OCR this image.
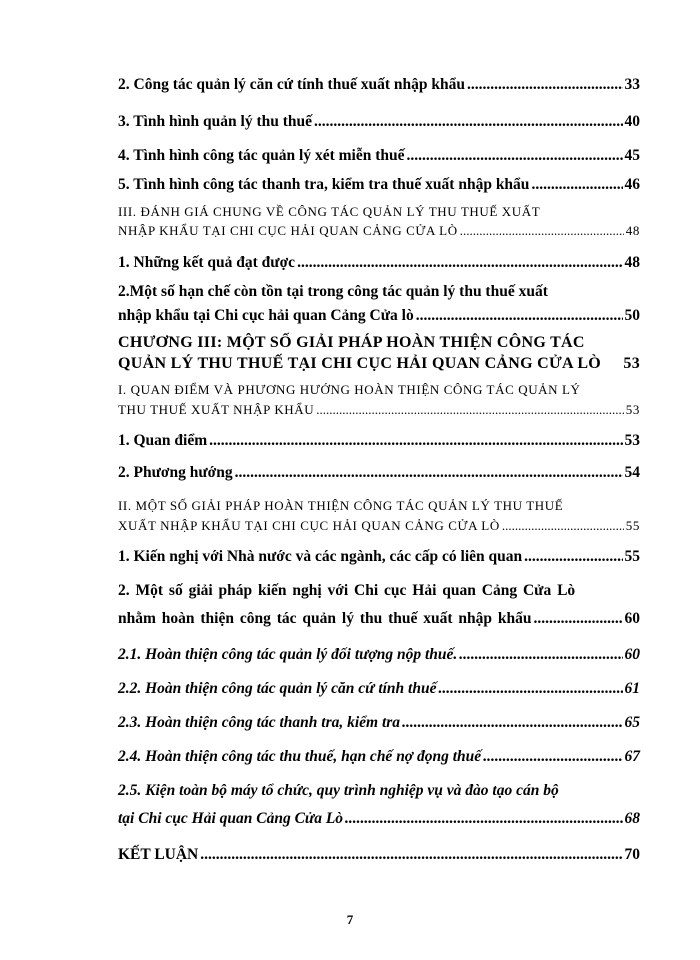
2. Công tác quản lý căn cứ tính thuế xuất nhập khẩu .....	33
3. Tình hình quản lý thu thuế .....	40
4. Tình hình công tác quản lý xét miễn thuế .....	45
5. Tình hình công tác thanh tra, kiểm tra thuế xuất nhập khẩu .....	46
III. ĐÁNH GIÁ CHUNG VỀ CÔNG TÁC QUẢN LÝ THU THUẾ XUẤT
NHẬP KHẨU TẠI CHI CỤC HẢI QUAN CẢNG CỬA LÒ .....	48
1. Những kết quả đạt được .....	48
2.Một số hạn chế còn tồn tại trong công tác quản lý thu thuế xuất
nhập khẩu tại Chi cục hải quan Cảng Cửa lò .....	50
CHƯƠNG III: MỘT SỐ GIẢI PHÁP HOÀN THIỆN CÔNG TÁC
QUẢN LÝ THU THUẾ TẠI CHI CỤC HẢI QUAN CẢNG CỬA LÒ 53
I. QUAN ĐIỂM VÀ PHƯƠNG HƯỚNG HOÀN THIỆN CÔNG TÁC QUẢN LÝ
THU THUẾ XUẤT NHẬP KHẨU .....	53
1. Quan điểm .....	53
2. Phương hướng .....	54
II. MỘT SỐ GIẢI PHÁP HOÀN THIỆN CÔNG TÁC QUẢN LÝ THU THUẾ
XUẤT NHẬP KHẨU TẠI CHI CỤC HẢI QUAN CẢNG CỬA LÒ .....	55
1. Kiến nghị với Nhà nước và các ngành, các cấp có liên quan .....	55
2. Một số giải pháp kiến nghị với Chi cục Hải quan Cảng Cửa Lò
nhằm hoàn thiện công tác quản lý thu thuế xuất nhập khẩu .....	60
2.1. Hoàn thiện công tác quản lý đối tượng nộp thuế. .....	60
2.2. Hoàn thiện công tác quản lý căn cứ tính thuế .....	61
2.3. Hoàn thiện công tác thanh tra, kiểm tra .....	65
2.4. Hoàn thiện công tác thu thuế, hạn chế nợ đọng thuế .....	67
2.5. Kiện toàn bộ máy tổ chức, quy trình nghiệp vụ và đào tạo cán bộ
tại Chi cục Hải quan Cảng Cửa Lò .....	68
KẾT LUẬN .....	70
7
